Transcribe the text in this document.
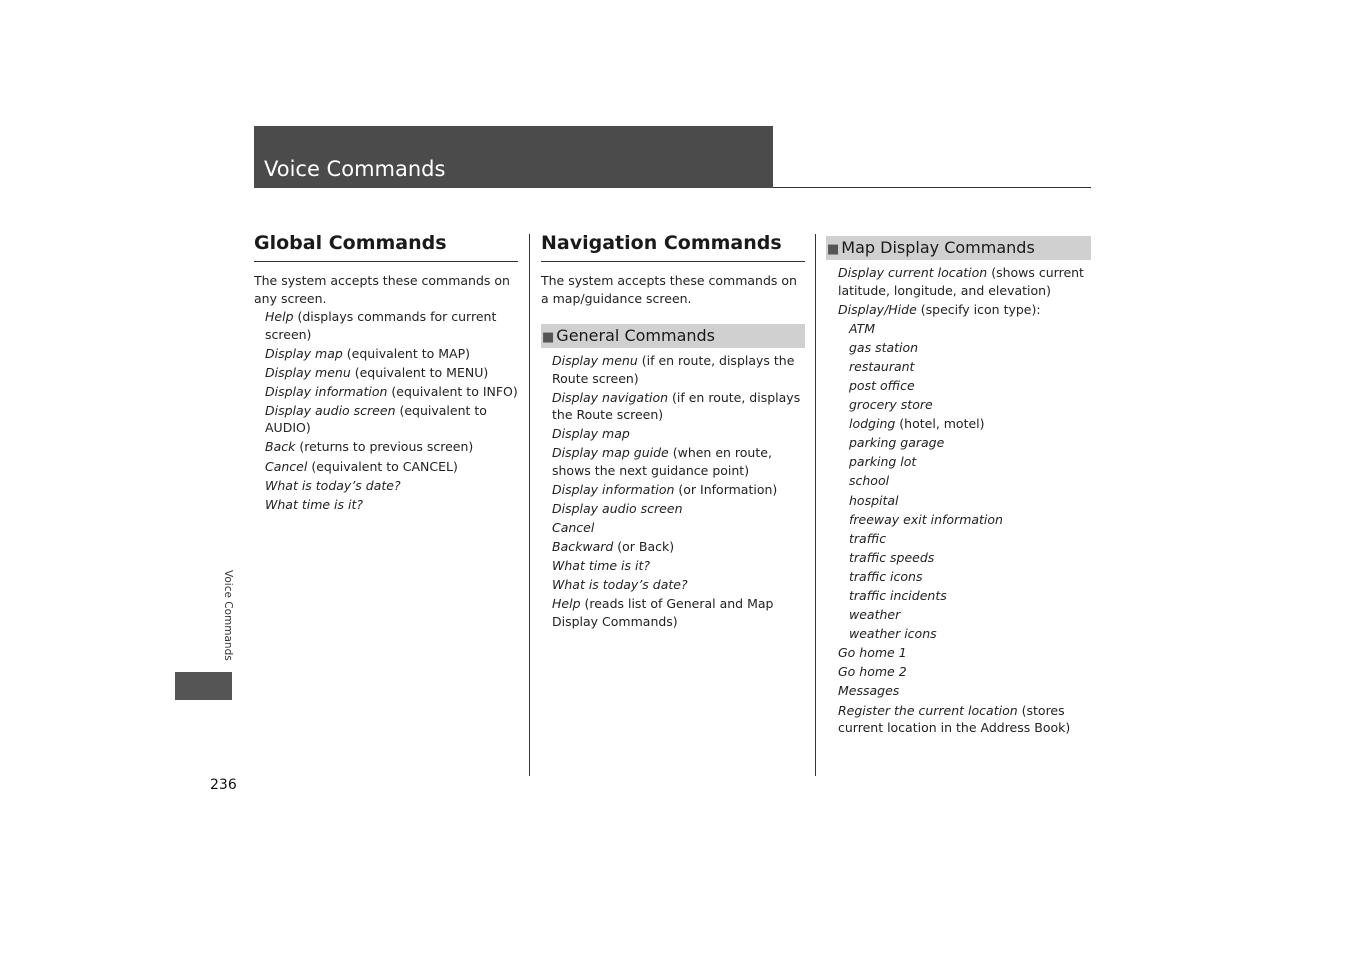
Voice Commands
Global Commands

The system accepts these commands on any screen.

Help (displays commands for current screen)
Display map (equivalent to MAP)
Display menu (equivalent to MENU)
Display information (equivalent to INFO)
Display audio screen (equivalent to AUDIO)
Back (returns to previous screen)
Cancel (equivalent to CANCEL)
What is today’s date?
What time is it?
Navigation Commands

The system accepts these commands on a map/guidance screen.

■ General Commands
Display menu (if en route, displays the Route screen)
Display navigation (if en route, displays the Route screen)
Display map
Display map guide (when en route, shows the next guidance point)
Display information (or Information)
Display audio screen
Cancel
Backward (or Back)
What time is it?
What is today’s date?
Help (reads list of General and Map Display Commands)
■ Map Display Commands
Display current location (shows current latitude, longitude, and elevation)
Display/Hide (specify icon type):
ATM
gas station
restaurant
post office
grocery store
lodging (hotel, motel)
parking garage
parking lot
school
hospital
freeway exit information
traffic
traffic speeds
traffic icons
traffic incidents
weather
weather icons
Go home 1
Go home 2
Messages
Register the current location (stores current location in the Address Book)
Voice Commands
236
